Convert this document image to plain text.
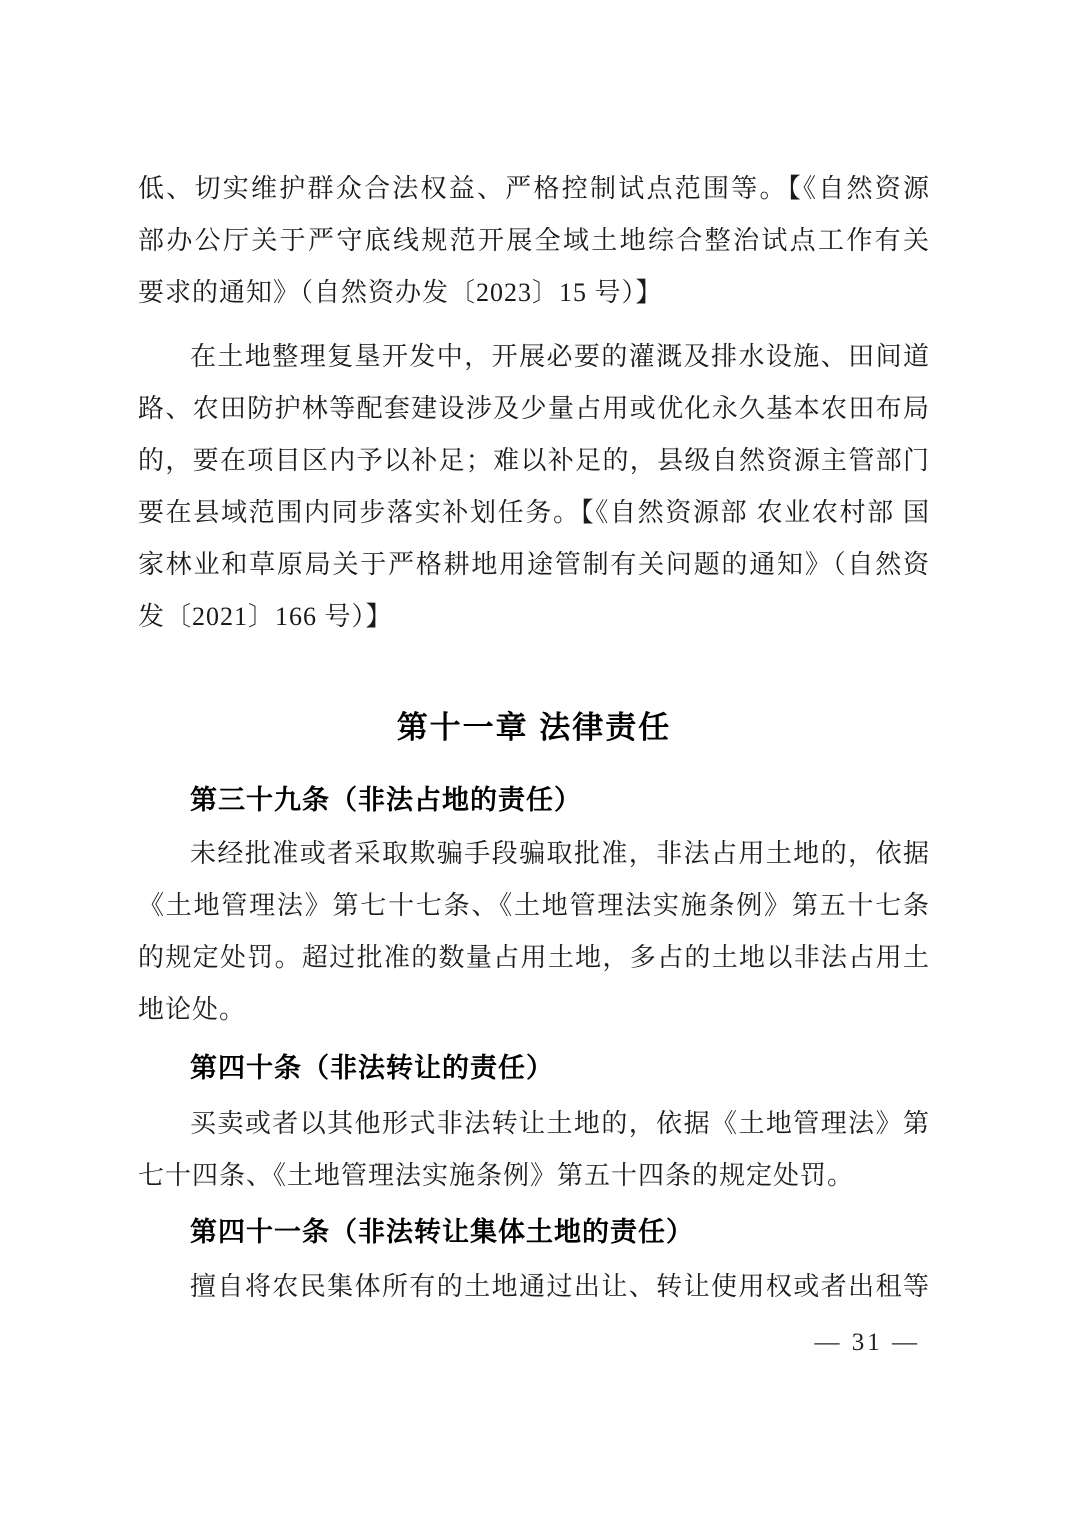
低、切实维护群众合法权益、严格控制试点范围等。【《自然资源
部办公厅关于严守底线规范开展全域土地综合整治试点工作有关
要求的通知》（自然资办发〔2023〕15 号）】
在土地整理复垦开发中，开展必要的灌溉及排水设施、田间道
路、农田防护林等配套建设涉及少量占用或优化永久基本农田布局
的，要在项目区内予以补足；难以补足的，县级自然资源主管部门
要在县域范围内同步落实补划任务。【《自然资源部 农业农村部 国
家林业和草原局关于严格耕地用途管制有关问题的通知》（自然资
发〔2021〕166 号）】
第十一章 法律责任
第三十九条（非法占地的责任）
未经批准或者采取欺骗手段骗取批准，非法占用土地的，依据
《土地管理法》第七十七条、《土地管理法实施条例》第五十七条
的规定处罚。超过批准的数量占用土地，多占的土地以非法占用土
地论处。
第四十条（非法转让的责任）
买卖或者以其他形式非法转让土地的，依据《土地管理法》第
七十四条、《土地管理法实施条例》第五十四条的规定处罚。
第四十一条（非法转让集体土地的责任）
擅自将农民集体所有的土地通过出让、转让使用权或者出租等
— 31 —
